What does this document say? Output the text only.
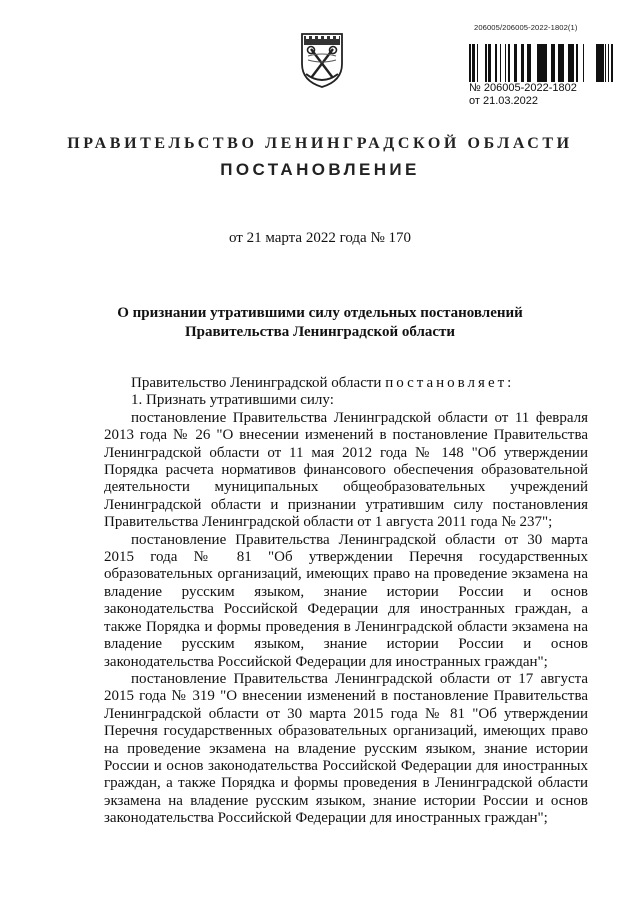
206005/206005-2022-1802(1)
№ 206005-2022-1802
от 21.03.2022
ПРАВИТЕЛЬСТВО ЛЕНИНГРАДСКОЙ ОБЛАСТИ
ПОСТАНОВЛЕНИЕ
от 21 марта 2022 года № 170
О признании утратившими силу отдельных постановлений
Правительства Ленинградской области

Правительство Ленинградской области постановляет:

1. Признать утратившими силу:

постановление Правительства Ленинградской области от 11 февраля 2013 года № 26 "О внесении изменений в постановление Правительства Ленинградской области от 11 мая 2012 года № 148 "Об утверждении Порядка расчета нормативов финансового обеспечения образовательной деятельности муниципальных общеобразовательных учреждений Ленинградской области и признании утратившим силу постановления Правительства Ленинградской области от 1 августа 2011 года № 237";

постановление Правительства Ленинградской области от 30 марта 2015 года № 81 "Об утверждении Перечня государственных образовательных организаций, имеющих право на проведение экзамена на владение русским языком, знание истории России и основ законодательства Российской Федерации для иностранных граждан, а также Порядка и формы проведения в Ленинградской области экзамена на владение русским языком, знание истории России и основ законодательства Российской Федерации для иностранных граждан";

постановление Правительства Ленинградской области от 17 августа 2015 года № 319 "О внесении изменений в постановление Правительства Ленинградской области от 30 марта 2015 года № 81 "Об утверждении Перечня государственных образовательных организаций, имеющих право на проведение экзамена на владение русским языком, знание истории России и основ законодательства Российской Федерации для иностранных граждан, а также Порядка и формы проведения в Ленинградской области экзамена на владение русским языком, знание истории России и основ законодательства Российской Федерации для иностранных граждан";
